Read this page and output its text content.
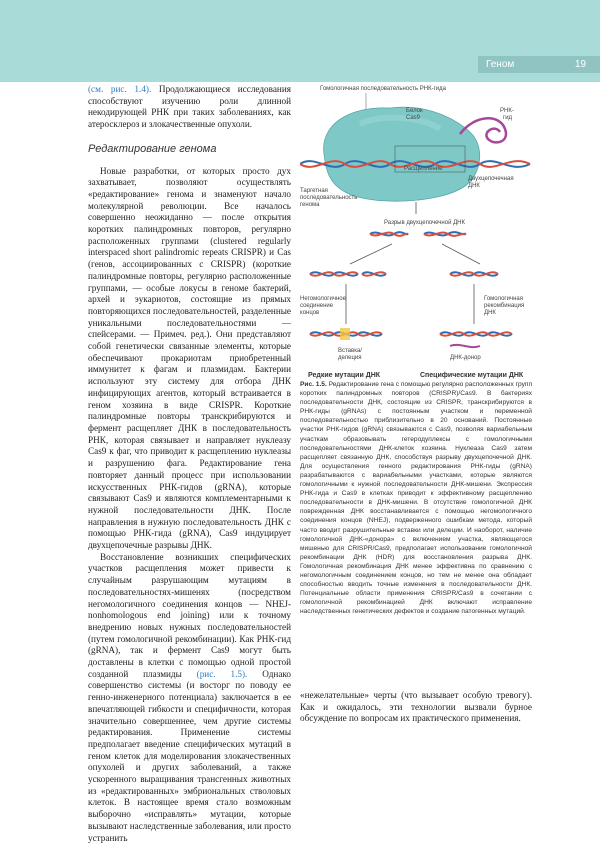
Геном	19

(см. рис. 1.4). Продолжающиеся исследования способствуют изучению роли длинной некодирующей РНК при таких заболеваниях, как атеросклероз и злокачественные опухоли.

Редактирование генома

Новые разработки, от которых просто дух захватывает, позволяют осуществлять «редактирование» генома и знаменуют начало молекулярной революции. Все началось совершенно неожиданно — после открытия коротких палиндромных повторов, регулярно расположенных группами (clustered regularly interspaced short palindromic repeats CRISPR) и Cas (генов, ассоциированных с CRISPR) (короткие палиндромные повторы, регулярно расположенные группами, — особые локусы в геноме бактерий, архей и эукариотов, состоящие из прямых повторяющихся последовательностей, разделенные уникальными последовательностями — спейсерами. — Примеч. ред.). Они представляют собой генетически связанные элементы, которые обеспечивают прокариотам приобретенный иммунитет к фагам и плазмидам. Бактерии используют эту систему для отбора ДНК инфицирующих агентов, который встраивается в геном хозяина в виде CRISPR. Короткие палиндромные повторы транскрибируются и фермент расщепляет ДНК в последовательность РНК, которая связывает и направляет нуклеазу Cas9 к фаг, что приводит к расщеплению нуклеазы и разрушению фага. Редактирование гена повторяет данный процесс при использовании искусственных РНК-гидов (gRNA), которые связывают Cas9 и являются комплементарными к нужной последовательности ДНК. После направления в нужную последовательность ДНК с помощью РНК-гида (gRNA), Cas9 индуцирует двухцепочечные разрывы ДНК.

Восстановление возникших специфических участков расщепления может привести к случайным разрушающим мутациям в последовательностях-мишенях (посредством негомологичного соединения концов — NHEJ-nonhomologous end joining) или к точному внедрению новых нужных последовательностей (путем гомологичной рекомбинации). Как РНК-гид (gRNA), так и фермент Cas9 могут быть доставлены в клетки с помощью одной простой созданной плазмиды (рис. 1.5). Однако совершенство системы (и восторг по поводу ее генно-инженерного потенциала) заключается в ее впечатляющей гибкости и специфичности, которая значительно совершеннее, чем другие системы редактирования. Применение системы предполагает введение специфических мутаций в геном клеток для моделирования злокачественных опухолей и других заболеваний, а также ускоренного выращивания трансгенных животных из «редактированных» эмбриональных стволовых клеток. В настоящее время стало возможным выборочно «исправлять» мутации, которые вызывают наследственные заболевания, или просто устранить

Гомологичная последовательность РНК-гида
Белок
Cas9
РНК-
гид
Расщепление
Двухцепочечная
ДНК
Таргетная
последовательность
генома
Разрыв двухцепочечной ДНК
Негомологичное
соединение
концов
Вставка/
делеция
Гомологичная
рекомбинация
ДНК
ДНК-донор
Редкие мутации ДНК	Специфические мутации ДНК
Рис. 1.5. Редактирование гена с помощью регулярно расположенных групп коротких палиндромных повторов (CRISPR)/Cas9. В бактериях последовательности ДНК, состоящие из CRISPR, транскрибируются в РНК-гиды (gRNAs) с постоянным участком и переменной последовательностью приблизительно в 20 оснований. Постоянные участки РНК-гидов (gRNA) связываются с Cas9, позволяя вариабельным участкам образовывать гетеродуплексы с гомологичными последовательностями ДНК-клеток хозяина. Нуклеаза Cas9 затем расщепляет связанную ДНК, способствуя разрыву двухцепочечной ДНК. Для осуществления генного редактирования РНК-гиды (gRNA) разрабатываются с вариабельными участками, которые являются гомологичными к нужной последовательности ДНК-мишени. Экспрессия РНК-гида и Cas9 в клетках приводит к эффективному расщеплению последовательности в ДНК-мишени. В отсутствие гомологичной ДНК поврежденная ДНК восстанавливается с помощью негомологичного соединения концов (NHEJ), подверженного ошибкам метода, который часто вводит разрушительные вставки или делеции. И наоборот, наличие гомологичной ДНК-«донора» с включением участка, являющегося мишенью для CRISPR/Cas9, предполагает использование гомологичной рекомбинации ДНК (HDR) для восстановления разрыва ДНК. Гомологичная рекомбинация ДНК менее эффективна по сравнению с негомологичным соединением концов, но тем не менее она обладает способностью вводить точные изменения в последовательности ДНК. Потенциальные области применения CRISPR/Cas9 в сочетании с гомологичной рекомбинацией ДНК включают исправление наследственных генетических дефектов и создание патогенных мутаций.

«нежелательные» черты (что вызывает особую тревогу). Как и ожидалось, эти технологии вызвали бурное обсуждение по вопросам их практического применения.
